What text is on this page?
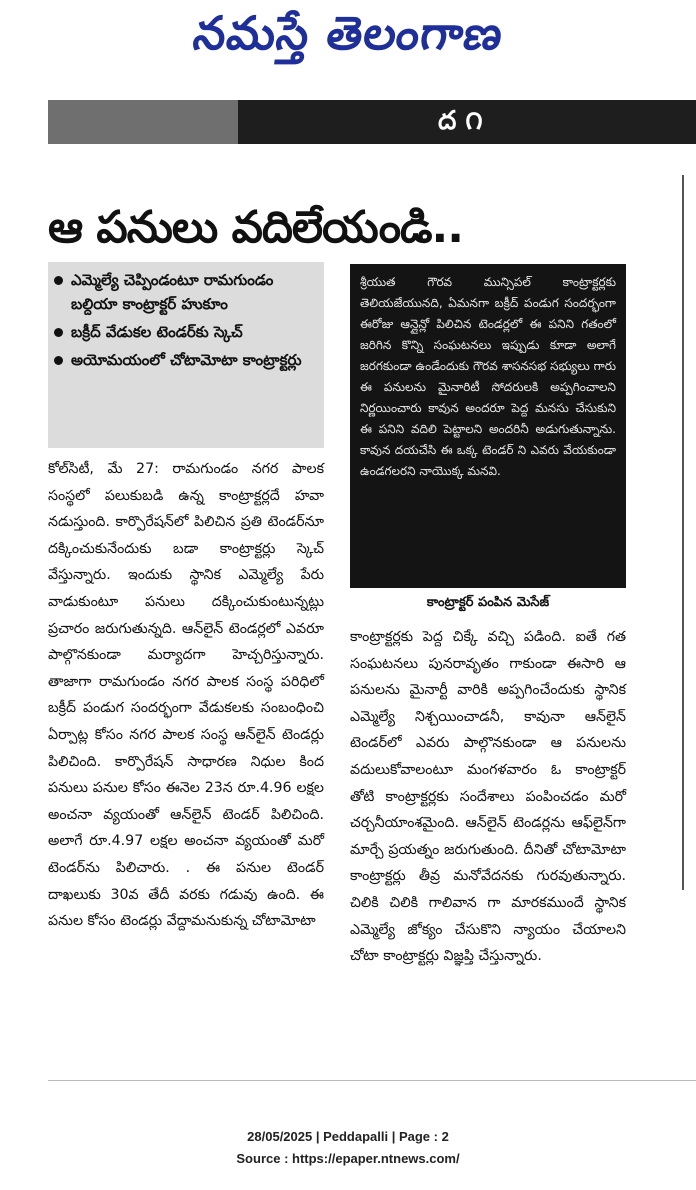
నమస్తే తెలంగాణ
ద ౧
ఆ పనులు వదిలేయండి..
ఎమ్మెల్యే చెప్పిండంటూ రామగుండం బల్దియా కాంట్రాక్టర్ హుకూం
బక్రీద్ వేడుకల టెండర్‌కు స్కెచ్
అయోమయంలో చోటామోటా కాంట్రాక్టర్లు

శ్రీయుత గౌరవ మున్సిపల్ కాంట్రాక్టర్లకు తెలియజేయునది, ఏమనగా బక్రీద్ పండుగ సందర్భంగా ఈరోజు ఆన్లైన్లో పిలిచిన టెండర్లలో ఈ పనిని గతంలో జరిగిన కొన్ని సంఘటనలు ఇప్పుడు కూడా అలాగే జరగకుండా ఉండేందుకు గౌరవ శాసనసభ సభ్యులు గారు ఈ పనులను మైనారిటీ సోదరులకి అప్పగించాలని నిర్ణయించారు కావున అందరూ పెద్ద మనసు చేసుకుని ఈ పనిని వదిలి పెట్టాలని అందరినీ అడుగుతున్నాను. కావున దయచేసి ఈ ఒక్క టెండర్ ని ఎవరు వేయకుండా ఉండగలరని నాయొక్క మనవి.

కాంట్రాక్టర్ పంపిన మెసేజ్

కోల్‌సిటీ, మే 27: రామగుండం నగర పాలక సంస్థలో పలుకుబడి ఉన్న కాంట్రాక్టర్లదే హవా నడుస్తుంది. కార్పొరేషన్‌లో పిలిచిన ప్రతి టెండర్‌నూ దక్కించుకునేందుకు బడా కాంట్రాక్టర్లు స్కెచ్ వేస్తున్నారు. ఇందుకు స్థానిక ఎమ్మెల్యే పేరు వాడుకుంటూ పనులు దక్కించుకుంటున్నట్లు ప్రచారం జరుగుతున్నది. ఆన్‌లైన్ టెండర్లలో ఎవరూ పాల్గొనకుండా మర్యాదగా హెచ్చరిస్తున్నారు. తాజాగా రామగుండం నగర పాలక సంస్థ పరిధిలో బక్రీద్ పండుగ సందర్భంగా వేడుకలకు సంబంధించి ఏర్పాట్ల కోసం నగర పాలక సంస్థ ఆన్‌లైన్ టెండర్లు పిలిచింది. కార్పొరేషన్ సాధారణ నిధుల కింద పనులు పనుల కోసం ఈనెల 23న రూ.4.96 లక్షల అంచనా వ్యయంతో ఆన్‌లైన్ టెండర్ పిలిచింది. అలాగే రూ.4.97 లక్షల అంచనా వ్యయంతో మరో టెండర్‌ను పిలిచారు. . ఈ పనుల టెండర్ దాఖలుకు 30వ తేదీ వరకు గడువు ఉంది. ఈ పనుల కోసం టెండర్లు వేద్దామనుకున్న చోటామోటా

కాంట్రాక్టర్లకు పెద్ద చిక్కే వచ్చి పడింది. ఐతే గత సంఘటనలు పునరావృతం గాకుండా ఈసారి ఆ పనులను మైనార్టీ వారికి అప్పగించేందుకు స్థానిక ఎమ్మెల్యే నిశ్చయించాడనీ, కావునా ఆన్‌లైన్ టెండర్‌లో ఎవరు పాల్గొనకుండా ఆ పనులను వదులుకోవాలంటూ మంగళవారం ఓ కాంట్రాక్టర్ తోటి కాంట్రాక్టర్లకు సందేశాలు పంపించడం మరో చర్చనీయాంశమైంది. ఆన్‌లైన్ టెండర్లను ఆఫ్‌లైన్‌గా మార్చే ప్రయత్నం జరుగుతుంది. దీనితో చోటామోటా కాంట్రాక్టర్లు తీవ్ర మనోవేదనకు గురవుతున్నారు. చిలికి చిలికి గాలివాన గా మారకముందే స్థానిక ఎమ్మెల్యే జోక్యం చేసుకొని న్యాయం చేయాలని చోటా కాంట్రాక్టర్లు విజ్ఞప్తి చేస్తున్నారు.

28/05/2025 | Peddapalli | Page : 2
Source : https://epaper.ntnews.com/
